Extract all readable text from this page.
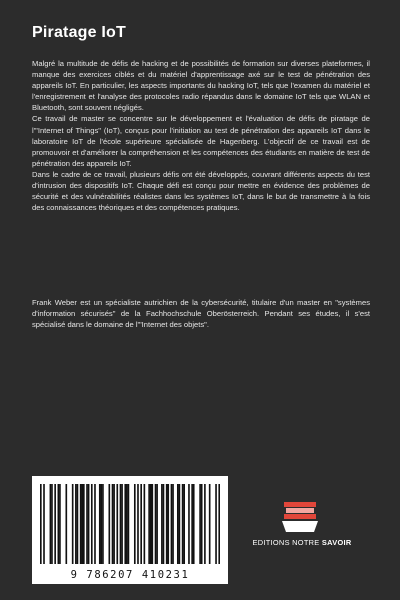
Piratage IoT

Malgré la multitude de défis de hacking et de possibilités de formation sur diverses plateformes, il manque des exercices ciblés et du matériel d'apprentissage axé sur le test de pénétration des appareils IoT. En particulier, les aspects importants du hacking IoT, tels que l'examen du matériel et l'enregistrement et l'analyse des protocoles radio répandus dans le domaine IoT tels que WLAN et Bluetooth, sont souvent négligés.

Ce travail de master se concentre sur le développement et l'évaluation de défis de piratage de l'"Internet of Things" (IoT), conçus pour l'initiation au test de pénétration des appareils IoT dans le laboratoire IoT de l'école supérieure spécialisée de Hagenberg. L'objectif de ce travail est de promouvoir et d'améliorer la compréhension et les compétences des étudiants en matière de test de pénétration des appareils IoT.

Dans le cadre de ce travail, plusieurs défis ont été développés, couvrant différents aspects du test d'intrusion des dispositifs IoT. Chaque défi est conçu pour mettre en évidence des problèmes de sécurité et des vulnérabilités réalistes dans les systèmes IoT, dans le but de transmettre à la fois des connaissances théoriques et des compétences pratiques.

Frank Weber est un spécialiste autrichien de la cybersécurité, titulaire d'un master en "systèmes d'information sécurisés" de la Fachhochschule Oberösterreich. Pendant ses études, il s'est spécialisé dans le domaine de l'"Internet des objets".

9 786207 410231
EDITIONS NOTRE SAVOIR
